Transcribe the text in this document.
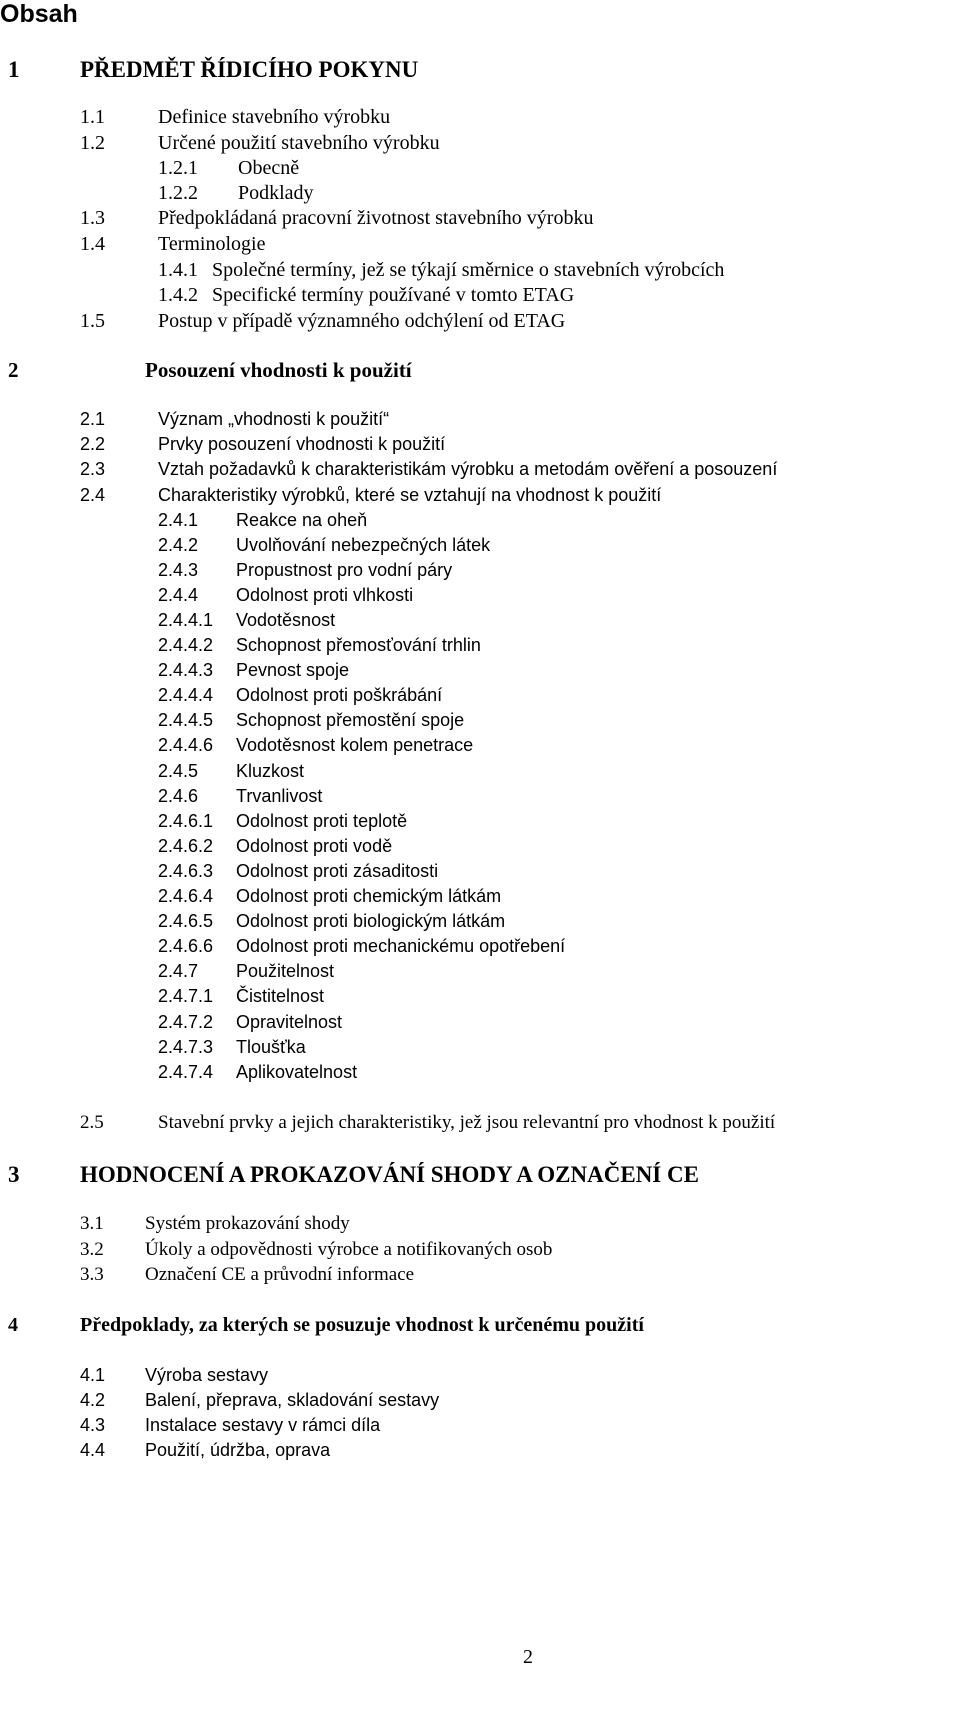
Obsah
1	PŘEDMĚT ŘÍDICÍHO POKYNU
1.1	Definice stavebního výrobku
1.2	Určené použití stavebního výrobku
1.2.1 Obecně
1.2.2 Podklady
1.3	Předpokládaná pracovní životnost stavebního výrobku
1.4	Terminologie
1.4.1 Společné termíny, jež se týkají směrnice o stavebních výrobcích
1.4.2 Specifické termíny používané v tomto ETAG
1.5	Postup v případě významného odchýlení od ETAG
2	Posouzení vhodnosti k použití
2.1	Význam „vhodnosti k použití“
2.2	Prvky posouzení vhodnosti k použití
2.3	Vztah požadavků k charakteristikám výrobku a metodám ověření a posouzení
2.4	Charakteristiky výrobků, které se vztahují na vhodnost k použití
2.4.1 Reakce na oheň
2.4.2 Uvolňování nebezpečných látek
2.4.3 Propustnost pro vodní páry
2.4.4 Odolnost proti vlhkosti
2.4.4.1 Vodotěsnost
2.4.4.2 Schopnost přemosťování trhlin
2.4.4.3 Pevnost spoje
2.4.4.4 Odolnost proti poškrábání
2.4.4.5 Schopnost přemostění spoje
2.4.4.6 Vodotěsnost kolem penetrace
2.4.5 Kluzkost
2.4.6 Trvanlivost
2.4.6.1 Odolnost proti teplotě
2.4.6.2 Odolnost proti vodě
2.4.6.3 Odolnost proti zásaditosti
2.4.6.4 Odolnost proti chemickým látkám
2.4.6.5 Odolnost proti biologickým látkám
2.4.6.6 Odolnost proti mechanickému opotřebení
2.4.7 Použitelnost
2.4.7.1 Čistitelnost
2.4.7.2 Opravitelnost
2.4.7.3 Tloušťka
2.4.7.4 Aplikovatelnost
2.5	Stavební prvky a jejich charakteristiky, jež jsou relevantní pro vhodnost k použití
3	HODNOCENÍ A PROKAZOVÁNÍ SHODY A OZNAČENÍ CE
3.1 Systém prokazování shody
3.2 Úkoly a odpovědnosti výrobce a notifikovaných osob
3.3 Označení CE a průvodní informace
4	Předpoklady, za kterých se posuzuje vhodnost k určenému použití
4.1 Výroba sestavy
4.2 Balení, přeprava, skladování sestavy
4.3 Instalace sestavy v rámci díla
4.4 Použití, údržba, oprava
2
